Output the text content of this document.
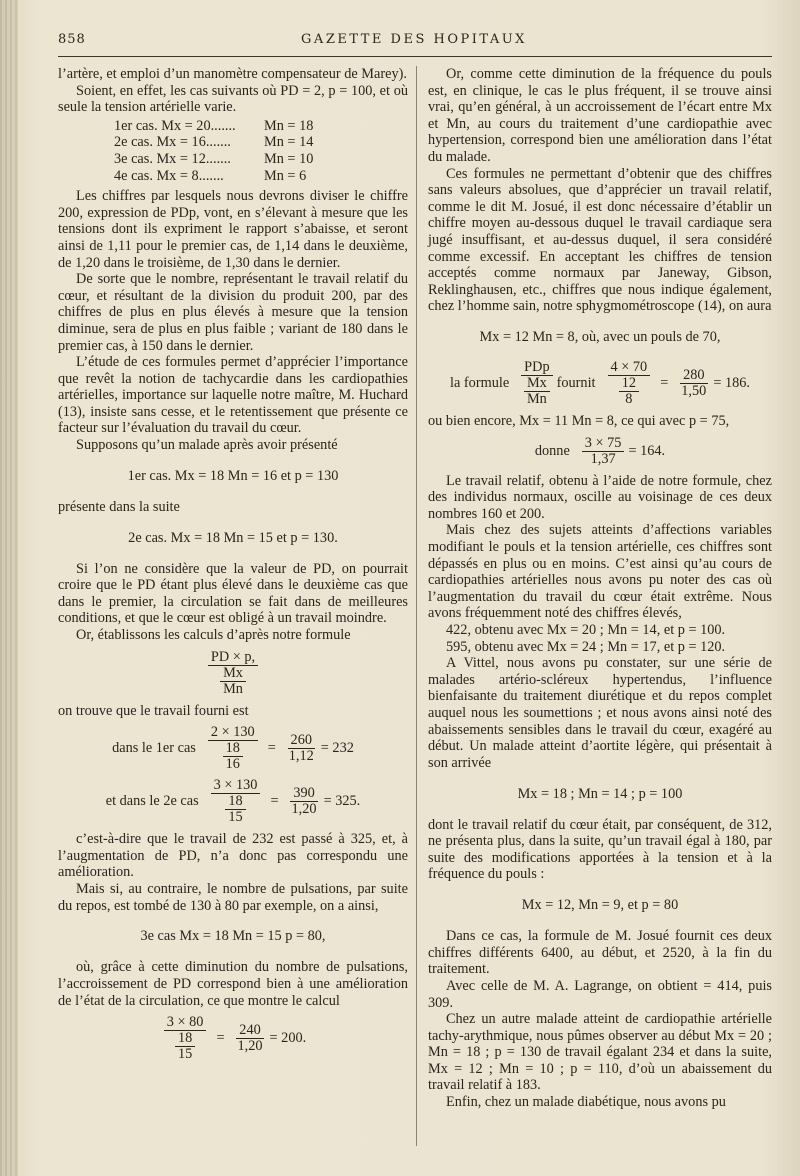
858	GAZETTE DES HOPITAUX

l’artère, et emploi d’un manomètre compensateur de Marey).

Soient, en effet, les cas suivants où PD = 2, p = 100, et où seule la tension artérielle varie.

1er cas. Mx = 20.......	Mn = 18
2e cas. Mx = 16.......	Mn = 14
3e cas. Mx = 12.......	Mn = 10
4e cas. Mx = 8.......	Mn = 6

Les chiffres par lesquels nous devrons diviser le chiffre 200, expression de PDp, vont, en s’élevant à mesure que les tensions dont ils expriment le rapport s’abaisse, et seront ainsi de 1,11 pour le premier cas, de 1,14 dans le deuxième, de 1,20 dans le troisième, de 1,30 dans le dernier.

De sorte que le nombre, représentant le travail relatif du cœur, et résultant de la division du produit 200, par des chiffres de plus en plus élevés à mesure que la tension diminue, sera de plus en plus faible ; variant de 180 dans le premier cas, à 150 dans le dernier.

L’étude de ces formules permet d’apprécier l’importance que revêt la notion de tachycardie dans les cardiopathies artérielles, importance sur laquelle notre maître, M. Huchard (13), insiste sans cesse, et le retentissement que présente ce facteur sur l’évaluation du travail du cœur.

Supposons qu’un malade après avoir présenté

1er cas. Mx = 18 Mn = 16 et p = 130

présente dans la suite

2e cas. Mx = 18 Mn = 15 et p = 130.

Si l’on ne considère que la valeur de PD, on pourrait croire que le PD étant plus élevé dans le deuxième cas que dans le premier, la circulation se fait dans de meilleures conditions, et que le cœur est obligé à un travail moindre.

Or, établissons les calculs d’après notre formule

PD × p,
Mx
Mn

on trouve que le travail fourni est

dans le 1er cas
2 × 130
18
16
= $\frac{260}{1,12} = 232$
et dans le 2e cas
3 × 130
18
15
= $\frac{390}{1,20} = 325$.

c’est-à-dire que le travail de 232 est passé à 325, et, à l’augmentation de PD, n’a donc pas correspondu une amélioration.

Mais si, au contraire, le nombre de pulsations, par suite du repos, est tombé de 130 à 80 par exemple, on a ainsi,

3e cas Mx = 18 Mn = 15 p = 80,

où, grâce à cette diminution du nombre de pulsations, l’accroissement de PD correspond bien à une amélioration de l’état de la circulation, ce que montre le calcul

3 × 80
18
15
= $\frac{240}{1,20} = 200$.

Or, comme cette diminution de la fréquence du pouls est, en clinique, le cas le plus fréquent, il se trouve ainsi vrai, qu’en général, à un accroissement de l’écart entre Mx et Mn, au cours du traitement d’une cardiopathie avec hypertension, correspond bien une amélioration dans l’état du malade.

Ces formules ne permettant d’obtenir que des chiffres sans valeurs absolues, que d’apprécier un travail relatif, comme le dit M. Josué, il est donc nécessaire d’établir un chiffre moyen au-dessous duquel le travail cardiaque sera jugé insuffisant, et au-dessus duquel, il sera considéré comme excessif. En acceptant les chiffres de tension acceptés comme normaux par Janeway, Gibson, Reklinghausen, etc., chiffres que nous indique également, chez l’homme sain, notre sphygmométroscope (14), on aura

Mx = 12 Mn = 8, où, avec un pouls de 70,

la formule
PDp
Mx
Mn
fournit
4 × 70
12
8
= $\frac{280}{1,50} = 186$.

ou bien encore, Mx = 11 Mn = 8, ce qui avec p = 75,

donne $\frac{3 \times 75}{1,37} = 164$.

Le travail relatif, obtenu à l’aide de notre formule, chez des individus normaux, oscille au voisinage de ces deux nombres 160 et 200.

Mais chez des sujets atteints d’affections variables modifiant le pouls et la tension artérielle, ces chiffres sont dépassés en plus ou en moins. C’est ainsi qu’au cours de cardiopathies artérielles nous avons pu noter des cas où l’augmentation du travail du cœur était extrême. Nous avons fréquemment noté des chiffres élevés,

422, obtenu avec Mx = 20 ; Mn = 14, et p = 100.

595, obtenu avec Mx = 24 ; Mn = 17, et p = 120.

A Vittel, nous avons pu constater, sur une série de malades artério-scléreux hypertendus, l’influence bienfaisante du traitement diurétique et du repos complet auquel nous les soumettions ; et nous avons ainsi noté des abaissements sensibles dans le travail du cœur, exagéré au début. Un malade atteint d’aortite légère, qui présentait à son arrivée

Mx = 18 ; Mn = 14 ; p = 100

dont le travail relatif du cœur était, par conséquent, de 312, ne présenta plus, dans la suite, qu’un travail égal à 180, par suite des modifications apportées à la tension et à la fréquence du pouls :

Mx = 12, Mn = 9, et p = 80

Dans ce cas, la formule de M. Josué fournit ces deux chiffres différents 6400, au début, et 2520, à la fin du traitement.

Avec celle de M. A. Lagrange, on obtient = 414, puis 309.

Chez un autre malade atteint de cardiopathie artérielle tachy-arythmique, nous pûmes observer au début Mx = 20 ; Mn = 18 ; p = 130 de travail égalant 234 et dans la suite, Mx = 12 ; Mn = 10 ; p = 110, d’où un abaissement du travail relatif à 183.

Enfin, chez un malade diabétique, nous avons pu
